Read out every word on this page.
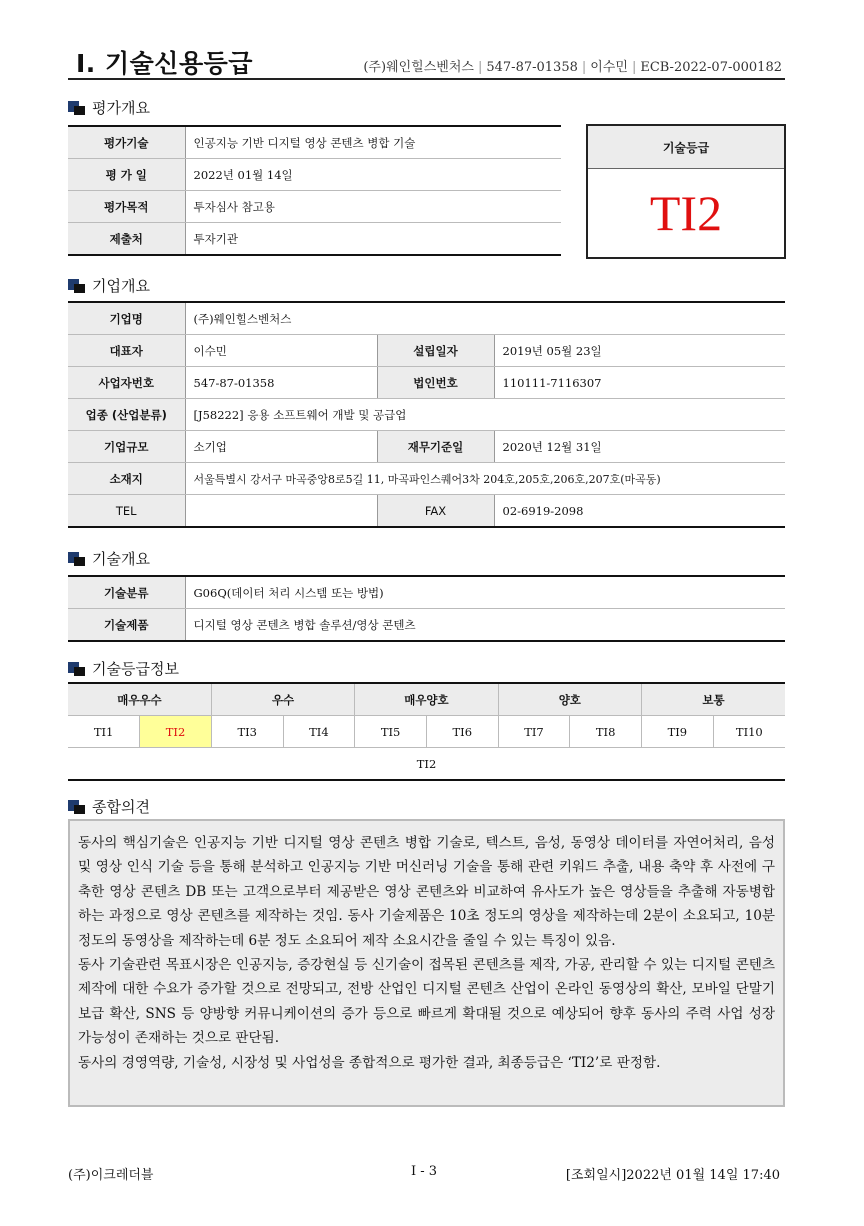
I. 기술신용등급	(주)웨인힐스벤처스 | 547-87-01358 | 이수민 | ECB-2022-07-000182
평가개요
평가기술	인공지능 기반 디지털 영상 콘텐츠 병합 기술
평 가 일	2022년 01월 14일
평가목적	투자심사 참고용
제출처	투자기관
기술등급
TI2
기업개요
기업명	(주)웨인힐스벤처스		
대표자	이수민	설립일자	2019년 05월 23일
사업자번호	547-87-01358	법인번호	110111-7116307
업종 (산업분류)	[J58222] 응용 소프트웨어 개발 및 공급업		
기업규모	소기업	재무기준일	2020년 12월 31일
소재지	서울특별시 강서구 마곡중앙8로5길 11, 마곡파인스퀘어3차 204호,205호,206호,207호(마곡동)		
TEL		FAX	02-6919-2098
기술개요
기술분류	G06Q(데이터 처리 시스템 또는 방법)
기술제품	디지털 영상 콘텐츠 병합 솔루션/영상 콘텐츠
기술등급정보
매우우수		우수		매우양호		양호		보통	
TI1	TI2	TI3	TI4	TI5	TI6	TI7	TI8	TI9	TI10
TI2									
종합의견

동사의 핵심기술은 인공지능 기반 디지털 영상 콘텐츠 병합 기술로, 텍스트, 음성, 동영상 데이터를 자연어처리, 음성 및 영상 인식 기술 등을 통해 분석하고 인공지능 기반 머신러닝 기술을 통해 관련 키워드 추출, 내용 축약 후 사전에 구축한 영상 콘텐츠 DB 또는 고객으로부터 제공받은 영상 콘텐츠와 비교하여 유사도가 높은 영상들을 추출해 자동병합하는 과정으로 영상 콘텐츠를 제작하는 것임. 동사 기술제품은 10초 정도의 영상을 제작하는데 2분이 소요되고, 10분 정도의 동영상을 제작하는데 6분 정도 소요되어 제작 소요시간을 줄일 수 있는 특징이 있음.

동사 기술관련 목표시장은 인공지능, 증강현실 등 신기술이 접목된 콘텐츠를 제작, 가공, 관리할 수 있는 디지털 콘텐츠 제작에 대한 수요가 증가할 것으로 전망되고, 전방 산업인 디지털 콘텐츠 산업이 온라인 동영상의 확산, 모바일 단말기 보급 확산, SNS 등 양방향 커뮤니케이션의 증가 등으로 빠르게 확대될 것으로 예상되어 향후 동사의 주력 사업 성장 가능성이 존재하는 것으로 판단됨.

동사의 경영역량, 기술성, 시장성 및 사업성을 종합적으로 평가한 결과, 최종등급은 ‘TI2’로 판정함.

(주)이크레더블	I - 3	[조회일시]2022년 01월 14일 17:40
